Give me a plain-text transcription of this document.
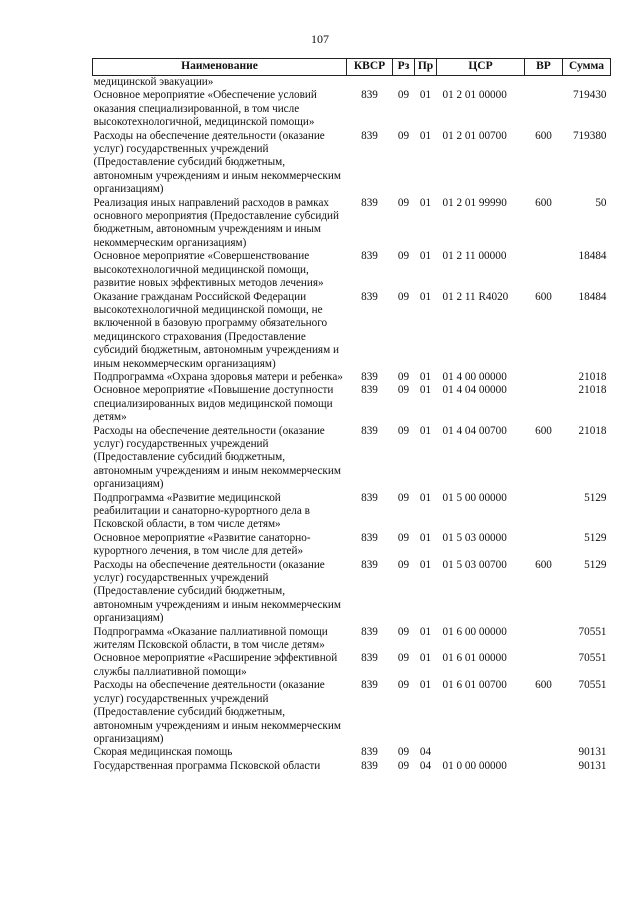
107
Наименование	КВСР	Рз	Пр	ЦСР	ВР	Сумма
медицинской эвакуации»						
Основное мероприятие «Обеспечение условий оказания специализированной, в том числе высокотехнологичной, медицинской помощи»	839	09	01	01 2 01 00000		719430
Расходы на обеспечение деятельности (оказание услуг) государственных учреждений (Предоставление субсидий бюджетным, автономным учреждениям и иным некоммерческим организациям)	839	09	01	01 2 01 00700	600	719380
Реализация иных направлений расходов в рамках основного мероприятия (Предоставление субсидий бюджетным, автономным учреждениям и иным некоммерческим организациям)	839	09	01	01 2 01 99990	600	50
Основное мероприятие «Совершенствование высокотехнологичной медицинской помощи, развитие новых эффективных методов лечения»	839	09	01	01 2 11 00000		18484
Оказание гражданам Российской Федерации высокотехнологичной медицинской помощи, не включенной в базовую программу обязательного медицинского страхования (Предоставление субсидий бюджетным, автономным учреждениям и иным некоммерческим организациям)	839	09	01	01 2 11 R4020	600	18484
Подпрограмма «Охрана здоровья матери и ребенка»	839	09	01	01 4 00 00000		21018
Основное мероприятие «Повышение доступности специализированных видов медицинской помощи детям»	839	09	01	01 4 04 00000		21018
Расходы на обеспечение деятельности (оказание услуг) государственных учреждений (Предоставление субсидий бюджетным, автономным учреждениям и иным некоммерческим организациям)	839	09	01	01 4 04 00700	600	21018
Подпрограмма «Развитие медицинской реабилитации и санаторно-курортного дела в Псковской области, в том числе детям»	839	09	01	01 5 00 00000		5129
Основное мероприятие «Развитие санаторно-курортного лечения, в том числе для детей»	839	09	01	01 5 03 00000		5129
Расходы на обеспечение деятельности (оказание услуг) государственных учреждений (Предоставление субсидий бюджетным, автономным учреждениям и иным некоммерческим организациям)	839	09	01	01 5 03 00700	600	5129
Подпрограмма «Оказание паллиативной помощи жителям Псковской области, в том числе детям»	839	09	01	01 6 00 00000		70551
Основное мероприятие «Расширение эффективной службы паллиативной помощи»	839	09	01	01 6 01 00000		70551
Расходы на обеспечение деятельности (оказание услуг) государственных учреждений (Предоставление субсидий бюджетным, автономным учреждениям и иным некоммерческим организациям)	839	09	01	01 6 01 00700	600	70551
Скорая медицинская помощь	839	09	04			90131
Государственная программа Псковской области	839	09	04	01 0 00 00000		90131
